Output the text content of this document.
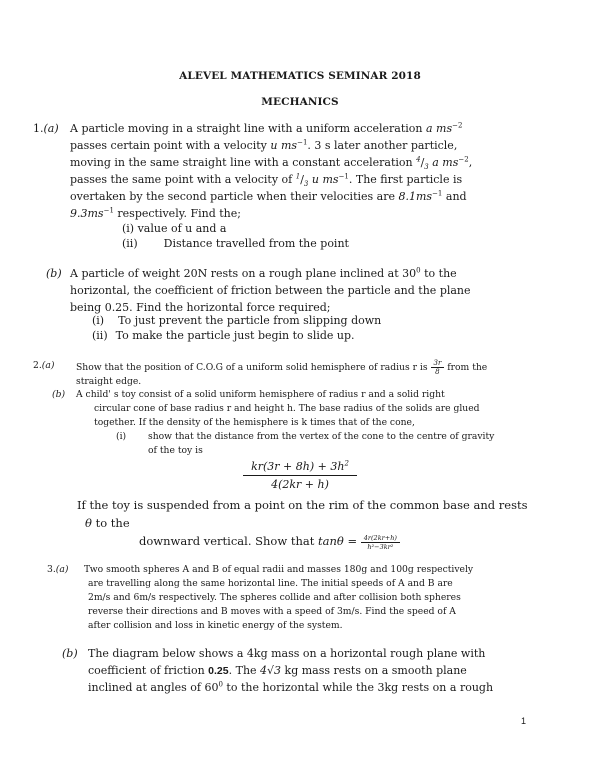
ALEVEL MATHEMATICS SEMINAR 2018
MECHANICS
1.(a) A particle moving in a straight line with a uniform acceleration a $ms^{-2}$
passes certain point with a velocity u $ms^{-1}$. 3 s later another particle,
moving in the same straight line with a constant acceleration $^4/_3$ a $ms^{-2}$,
passes the same point with a velocity of $^1/_3$ u $ms^{-1}$. The first particle is
overtaken by the second particle when their velocities are $8.1ms^{-1}$ and
$9.3ms^{-1}$ respectively. Find the;
(i) value of u and a
(ii) Distance travelled from the point
(b) A particle of weight 20N rests on a rough plane inclined at $30^0$ to the
horizontal, the coefficient of friction between the particle and the plane
being 0.25. Find the horizontal force required;
(i) To just prevent the particle from slipping down
(ii) To make the particle just begin to slide up.
2.(a) Show that the position of C.O.G of a uniform solid hemisphere of radius r is $\frac{3r}{8}$ from the
straight edge.
(b) A child' s toy consist of a solid uniform hemisphere of radius r and a solid right
circular cone of base radius r and height h. The base radius of the solids are glued
together. If the density of the hemisphere is k times that of the cone,
(i) show that the distance from the vertex of the cone to the centre of gravity
of the toy is
$\frac{kr(3r + 8h) + 3h^2}{4(2kr + h)}$
If the toy is suspended from a point on the rim of the common base and rests
θ to the
downward vertical. Show that $\tan\theta = \frac{4r(2kr+h)}{\text{h²−3kr²}}$
3.(a) Two smooth spheres A and B of equal radii and masses 180g and 100g respectively
are travelling along the same horizontal line. The initial speeds of A and B are
2m/s and 6m/s respectively. The spheres collide and after collision both spheres
reverse their directions and B moves with a speed of 3m/s. Find the speed of A
after collision and loss in kinetic energy of the system.
(b) The diagram below shows a 4kg mass on a horizontal rough plane with
coefficient of friction 0.25. The 4√3 kg mass rests on a smooth plane
inclined at angles of $60^0$ to the horizontal while the 3kg rests on a rough
1
